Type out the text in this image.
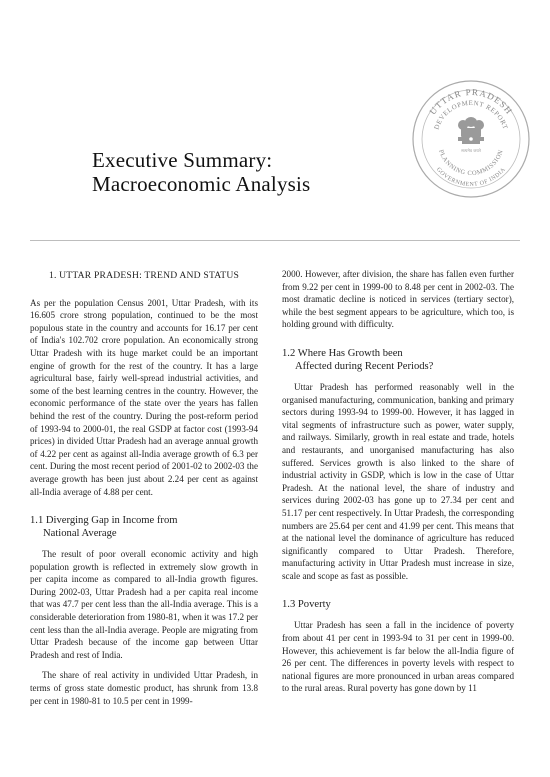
UTTAR PRADESH
DEVELOPMENT REPORT
PLANNING COMMISSION
GOVERNMENT OF INDIA
सत्यमेव जयते
Executive Summary:
Macroeconomic Analysis
1. UTTAR PRADESH: TREND AND STATUS

As per the population Census 2001, Uttar Pradesh, with its 16.605 crore strong population, continued to be the most populous state in the country and accounts for 16.17 per cent of India's 102.702 crore population. An economically strong Uttar Pradesh with its huge market could be an important engine of growth for the rest of the country. It has a large agricultural base, fairly well-spread industrial activities, and some of the best learning centres in the country. However, the economic performance of the state over the years has fallen behind the rest of the country. During the post-reform period of 1993-94 to 2000-01, the real GSDP at factor cost (1993-94 prices) in divided Uttar Pradesh had an average annual growth of 4.22 per cent as against all-India average growth of 6.3 per cent. During the most recent period of 2001-02 to 2002-03 the average growth has been just about 2.24 per cent as against all-India average of 4.88 per cent.

1.1 Diverging Gap in Income from
National Average

The result of poor overall economic activity and high population growth is reflected in extremely slow growth in per capita income as compared to all-India growth figures. During 2002-03, Uttar Pradesh had a per capita real income that was 47.7 per cent less than the all-India average. This is a considerable deterioration from 1980-81, when it was 17.2 per cent less than the all-India average. People are migrating from Uttar Pradesh because of the income gap between Uttar Pradesh and rest of India.

The share of real activity in undivided Uttar Pradesh, in terms of gross state domestic product, has shrunk from 13.8 per cent in 1980-81 to 10.5 per cent in 1999-

2000. However, after division, the share has fallen even further from 9.22 per cent in 1999-00 to 8.48 per cent in 2002-03. The most dramatic decline is noticed in services (tertiary sector), while the best segment appears to be agriculture, which too, is holding ground with difficulty.

1.2 Where Has Growth been
Affected during Recent Periods?

Uttar Pradesh has performed reasonably well in the organised manufacturing, communication, banking and primary sectors during 1993-94 to 1999-00. However, it has lagged in vital segments of infrastructure such as power, water supply, and railways. Similarly, growth in real estate and trade, hotels and restaurants, and unorganised manufacturing has also suffered. Services growth is also linked to the share of industrial activity in GSDP, which is low in the case of Uttar Pradesh. At the national level, the share of industry and services during 2002-03 has gone up to 27.34 per cent and 51.17 per cent respectively. In Uttar Pradesh, the corresponding numbers are 25.64 per cent and 41.99 per cent. This means that at the national level the dominance of agriculture has reduced significantly compared to Uttar Pradesh. Therefore, manufacturing activity in Uttar Pradesh must increase in size, scale and scope as fast as possible.

1.3 Poverty

Uttar Pradesh has seen a fall in the incidence of poverty from about 41 per cent in 1993-94 to 31 per cent in 1999-00. However, this achievement is far below the all-India figure of 26 per cent. The differences in poverty levels with respect to national figures are more pronounced in urban areas compared to the rural areas. Rural poverty has gone down by 11
